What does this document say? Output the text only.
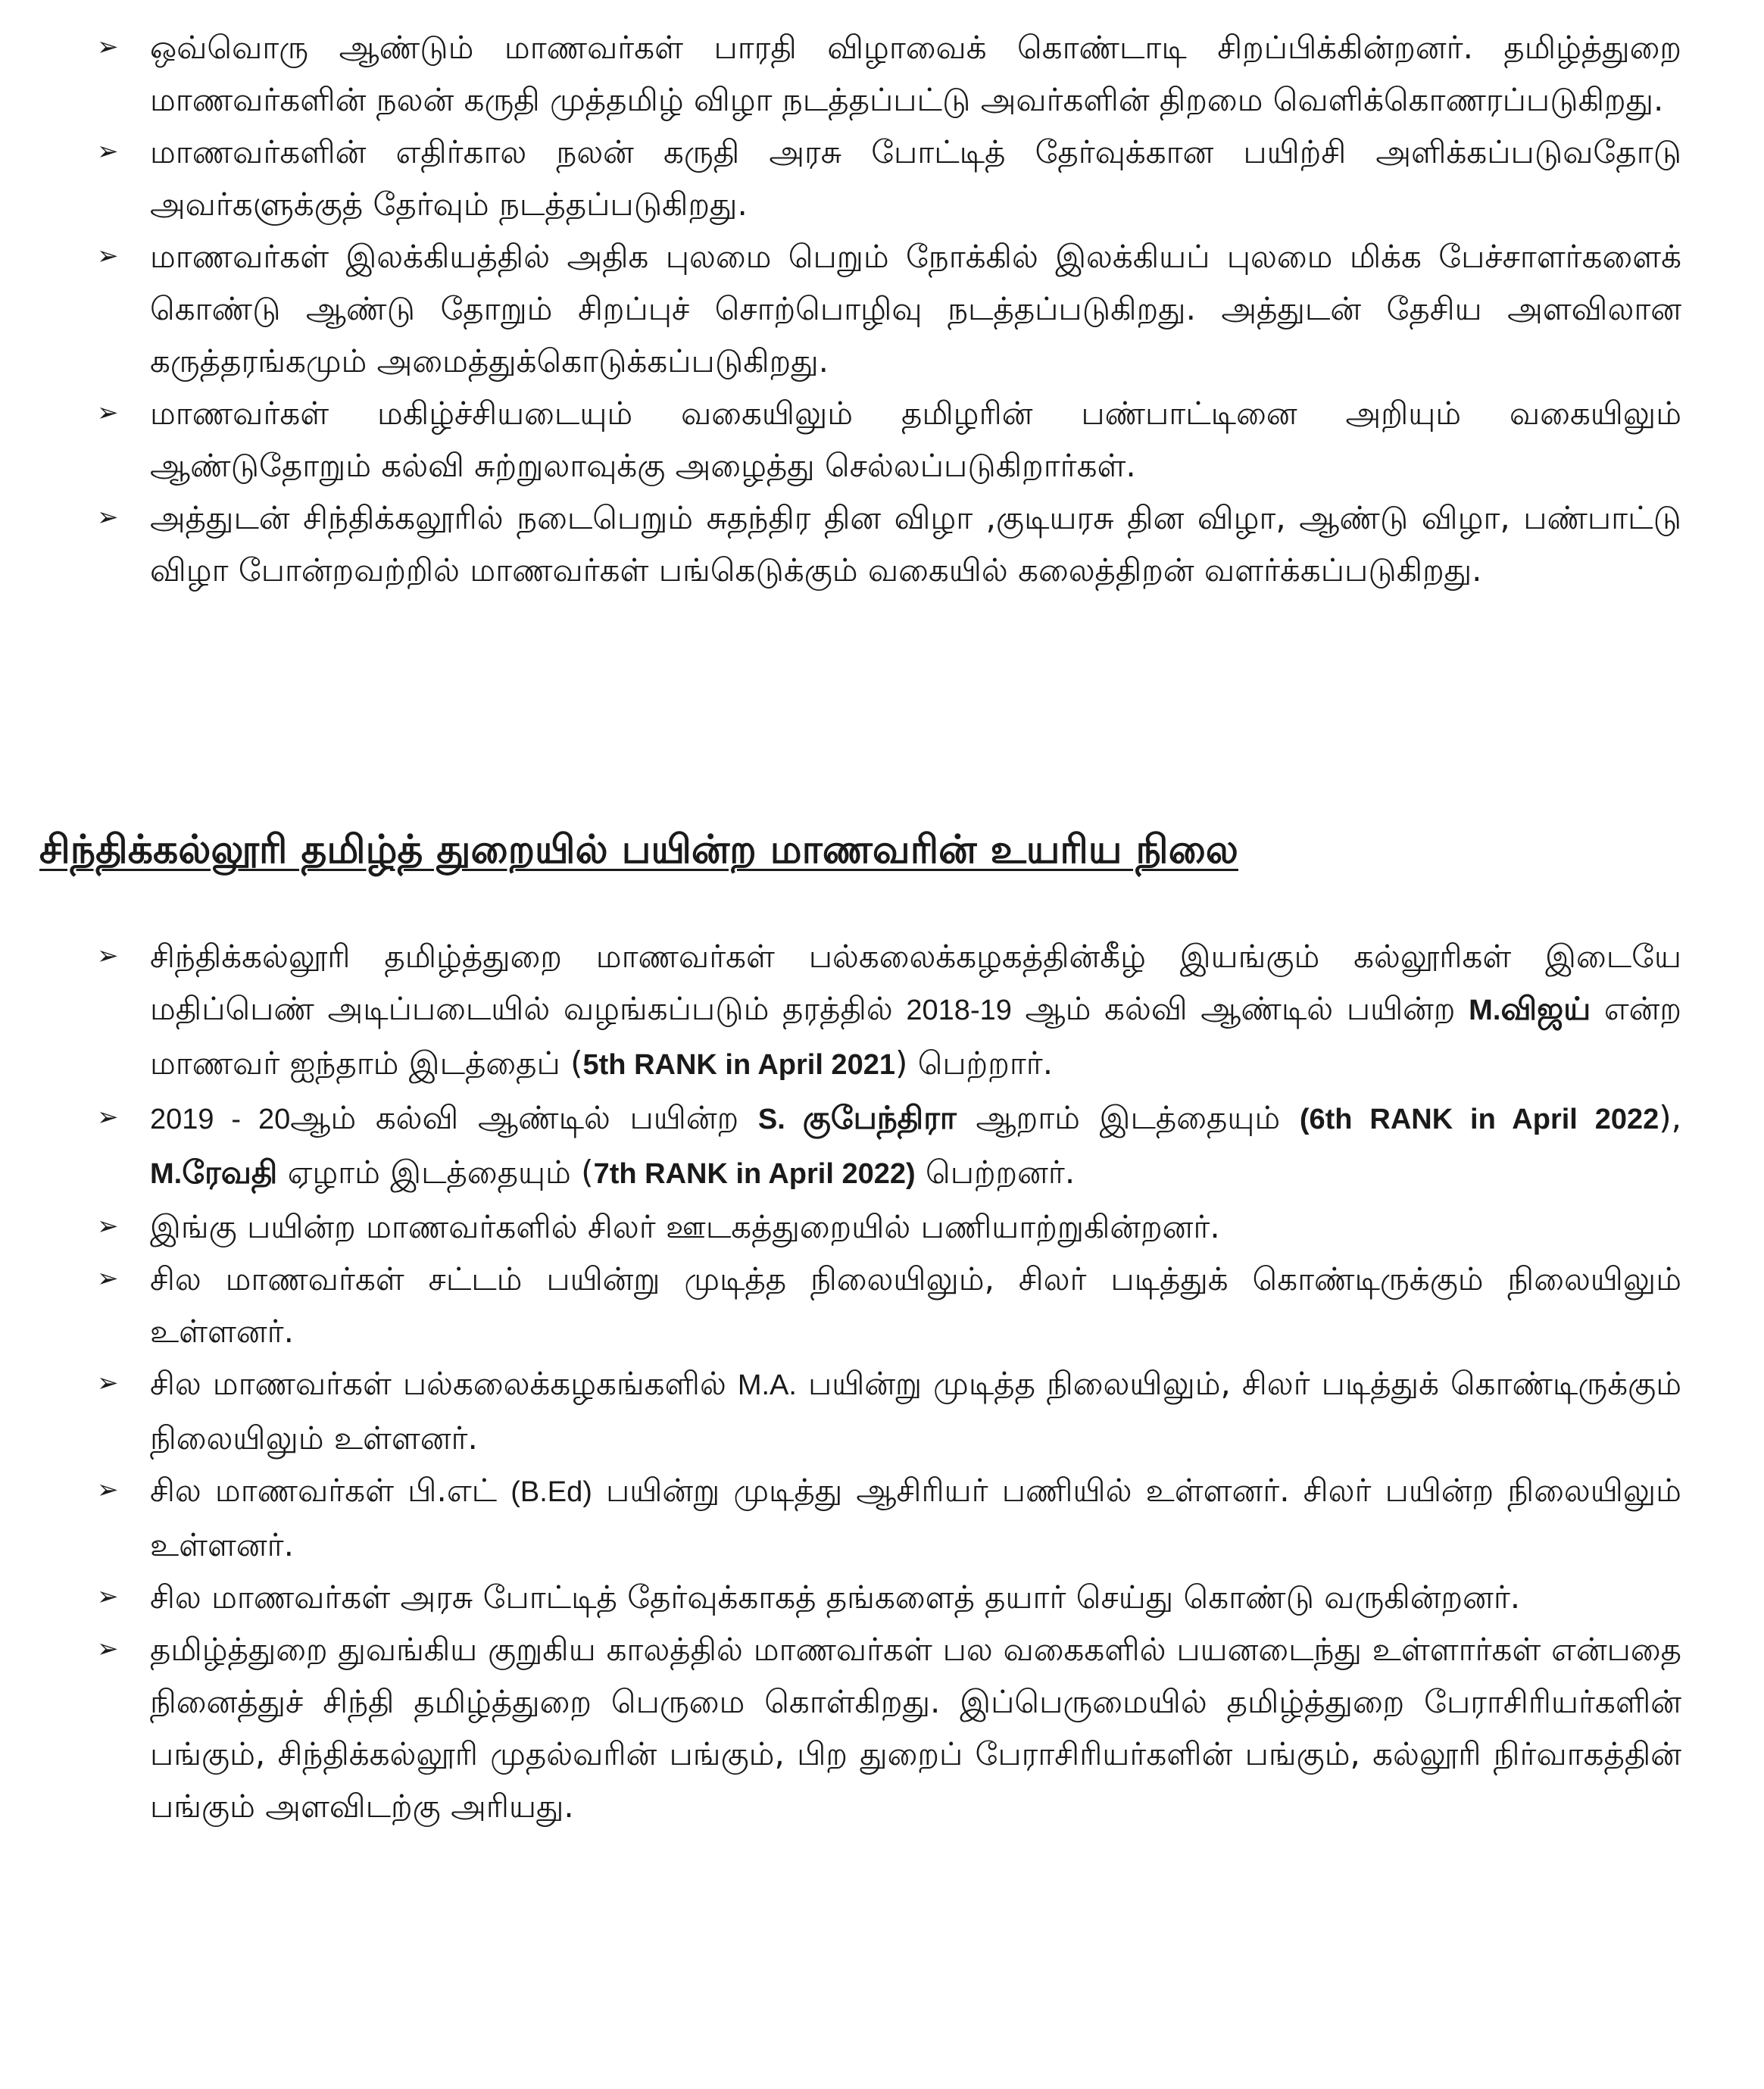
➢ ஒவ்வொரு ஆண்டும் மாணவர்கள் பாரதி விழாவைக் கொண்டாடி சிறப்பிக்கின்றனர். தமிழ்த்துறை மாணவர்களின் நலன் கருதி முத்தமிழ் விழா நடத்தப்பட்டு அவர்களின் திறமை வெளிக்கொணரப்படுகிறது.
➢ மாணவர்களின் எதிர்கால நலன் கருதி அரசு போட்டித் தேர்வுக்கான பயிற்சி அளிக்கப்படுவதோடு அவர்களுக்குத் தேர்வும் நடத்தப்படுகிறது.
➢ மாணவர்கள் இலக்கியத்தில் அதிக புலமை பெறும் நோக்கில் இலக்கியப் புலமை மிக்க பேச்சாளர்களைக் கொண்டு ஆண்டு தோறும் சிறப்புச் சொற்பொழிவு நடத்தப்படுகிறது. அத்துடன் தேசிய அளவிலான கருத்தரங்கமும் அமைத்துக்கொடுக்கப்படுகிறது.
➢ மாணவர்கள் மகிழ்ச்சியடையும் வகையிலும் தமிழரின் பண்பாட்டினை அறியும் வகையிலும் ஆண்டுதோறும் கல்வி சுற்றுலாவுக்கு அழைத்து செல்லப்படுகிறார்கள்.
➢ அத்துடன் சிந்திக்கலூரில் நடைபெறும் சுதந்திர தின விழா ,குடியரசு தின விழா, ஆண்டு விழா, பண்பாட்டு விழா போன்றவற்றில் மாணவர்கள் பங்கெடுக்கும் வகையில் கலைத்திறன் வளர்க்கப்படுகிறது.
சிந்திக்கல்லூரி தமிழ்த் துறையில் பயின்ற மாணவரின் உயரிய நிலை
➢ சிந்திக்கல்லூரி தமிழ்த்துறை மாணவர்கள் பல்கலைக்கழகத்தின்கீழ் இயங்கும் கல்லூரிகள் இடையே மதிப்பெண் அடிப்படையில் வழங்கப்படும் தரத்தில் 2018-19 ஆம் கல்வி ஆண்டில் பயின்ற M.விஜய் என்ற மாணவர் ஐந்தாம் இடத்தைப் (5th RANK in April 2021) பெற்றார்.
➢	2019 - 20ஆம் கல்வி ஆண்டில் பயின்ற S. குபேந்திரா ஆறாம் இடத்தையும் (6th RANK in April 2022), M.ரேவதி ஏழாம் இடத்தையும் (7th RANK in April 2022) பெற்றனர்.
➢ இங்கு பயின்ற மாணவர்களில் சிலர் ஊடகத்துறையில் பணியாற்றுகின்றனர்.
➢ சில மாணவர்கள் சட்டம் பயின்று முடித்த நிலையிலும், சிலர் படித்துக் கொண்டிருக்கும் நிலையிலும் உள்ளனர்.
➢ சில மாணவர்கள் பல்கலைக்கழகங்களில் M.A. பயின்று முடித்த நிலையிலும், சிலர் படித்துக் கொண்டிருக்கும் நிலையிலும் உள்ளனர்.
➢ சில மாணவர்கள் பி.எட் (B.Ed) பயின்று முடித்து ஆசிரியர் பணியில் உள்ளனர். சிலர் பயின்ற நிலையிலும் உள்ளனர்.
➢ சில மாணவர்கள் அரசு போட்டித் தேர்வுக்காகத் தங்களைத் தயார் செய்து கொண்டு வருகின்றனர்.
➢ தமிழ்த்துறை துவங்கிய குறுகிய காலத்தில் மாணவர்கள் பல வகைகளில் பயனடைந்து உள்ளார்கள் என்பதை நினைத்துச் சிந்தி தமிழ்த்துறை பெருமை கொள்கிறது. இப்பெருமையில் தமிழ்த்துறை பேராசிரியர்களின் பங்கும், சிந்திக்கல்லூரி முதல்வரின் பங்கும், பிற துறைப் பேராசிரியர்களின் பங்கும், கல்லூரி நிர்வாகத்தின் பங்கும் அளவிடற்கு அரியது.
